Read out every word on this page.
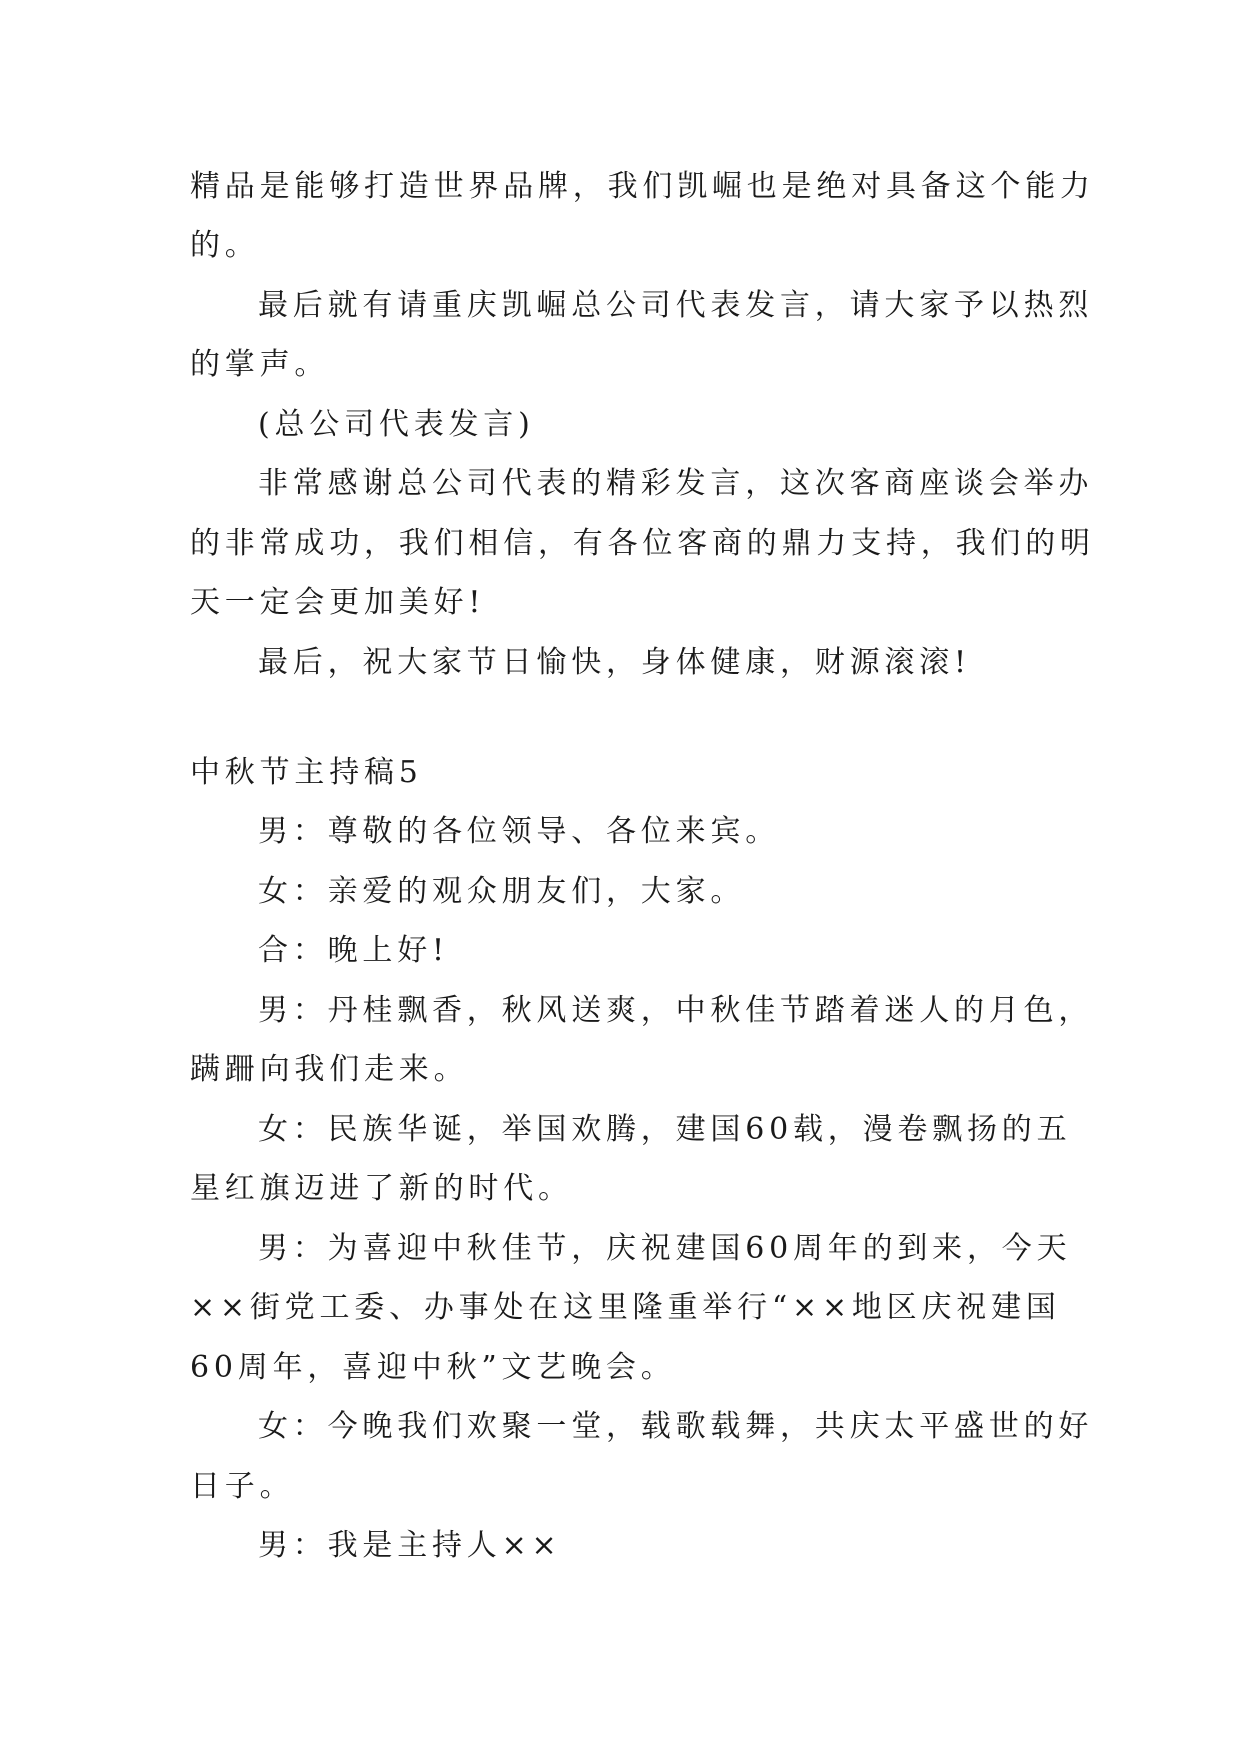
精品是能够打造世界品牌，我们凯崛也是绝对具备这个能力
的。
最后就有请重庆凯崛总公司代表发言，请大家予以热烈
的掌声。
(总公司代表发言)
非常感谢总公司代表的精彩发言，这次客商座谈会举办
的非常成功，我们相信，有各位客商的鼎力支持，我们的明
天一定会更加美好!
最后，祝大家节日愉快，身体健康，财源滚滚!
中秋节主持稿5
男：尊敬的各位领导、各位来宾。
女：亲爱的观众朋友们，大家。
合：晚上好!
男：丹桂飘香，秋风送爽，中秋佳节踏着迷人的月色，
蹒跚向我们走来。
女：民族华诞，举国欢腾，建国60载，漫卷飘扬的五
星红旗迈进了新的时代。
男：为喜迎中秋佳节，庆祝建国60周年的到来，今天
××街党工委、办事处在这里隆重举行“××地区庆祝建国
60周年，喜迎中秋”文艺晚会。
女：今晚我们欢聚一堂，载歌载舞，共庆太平盛世的好
日子。
男：我是主持人××
